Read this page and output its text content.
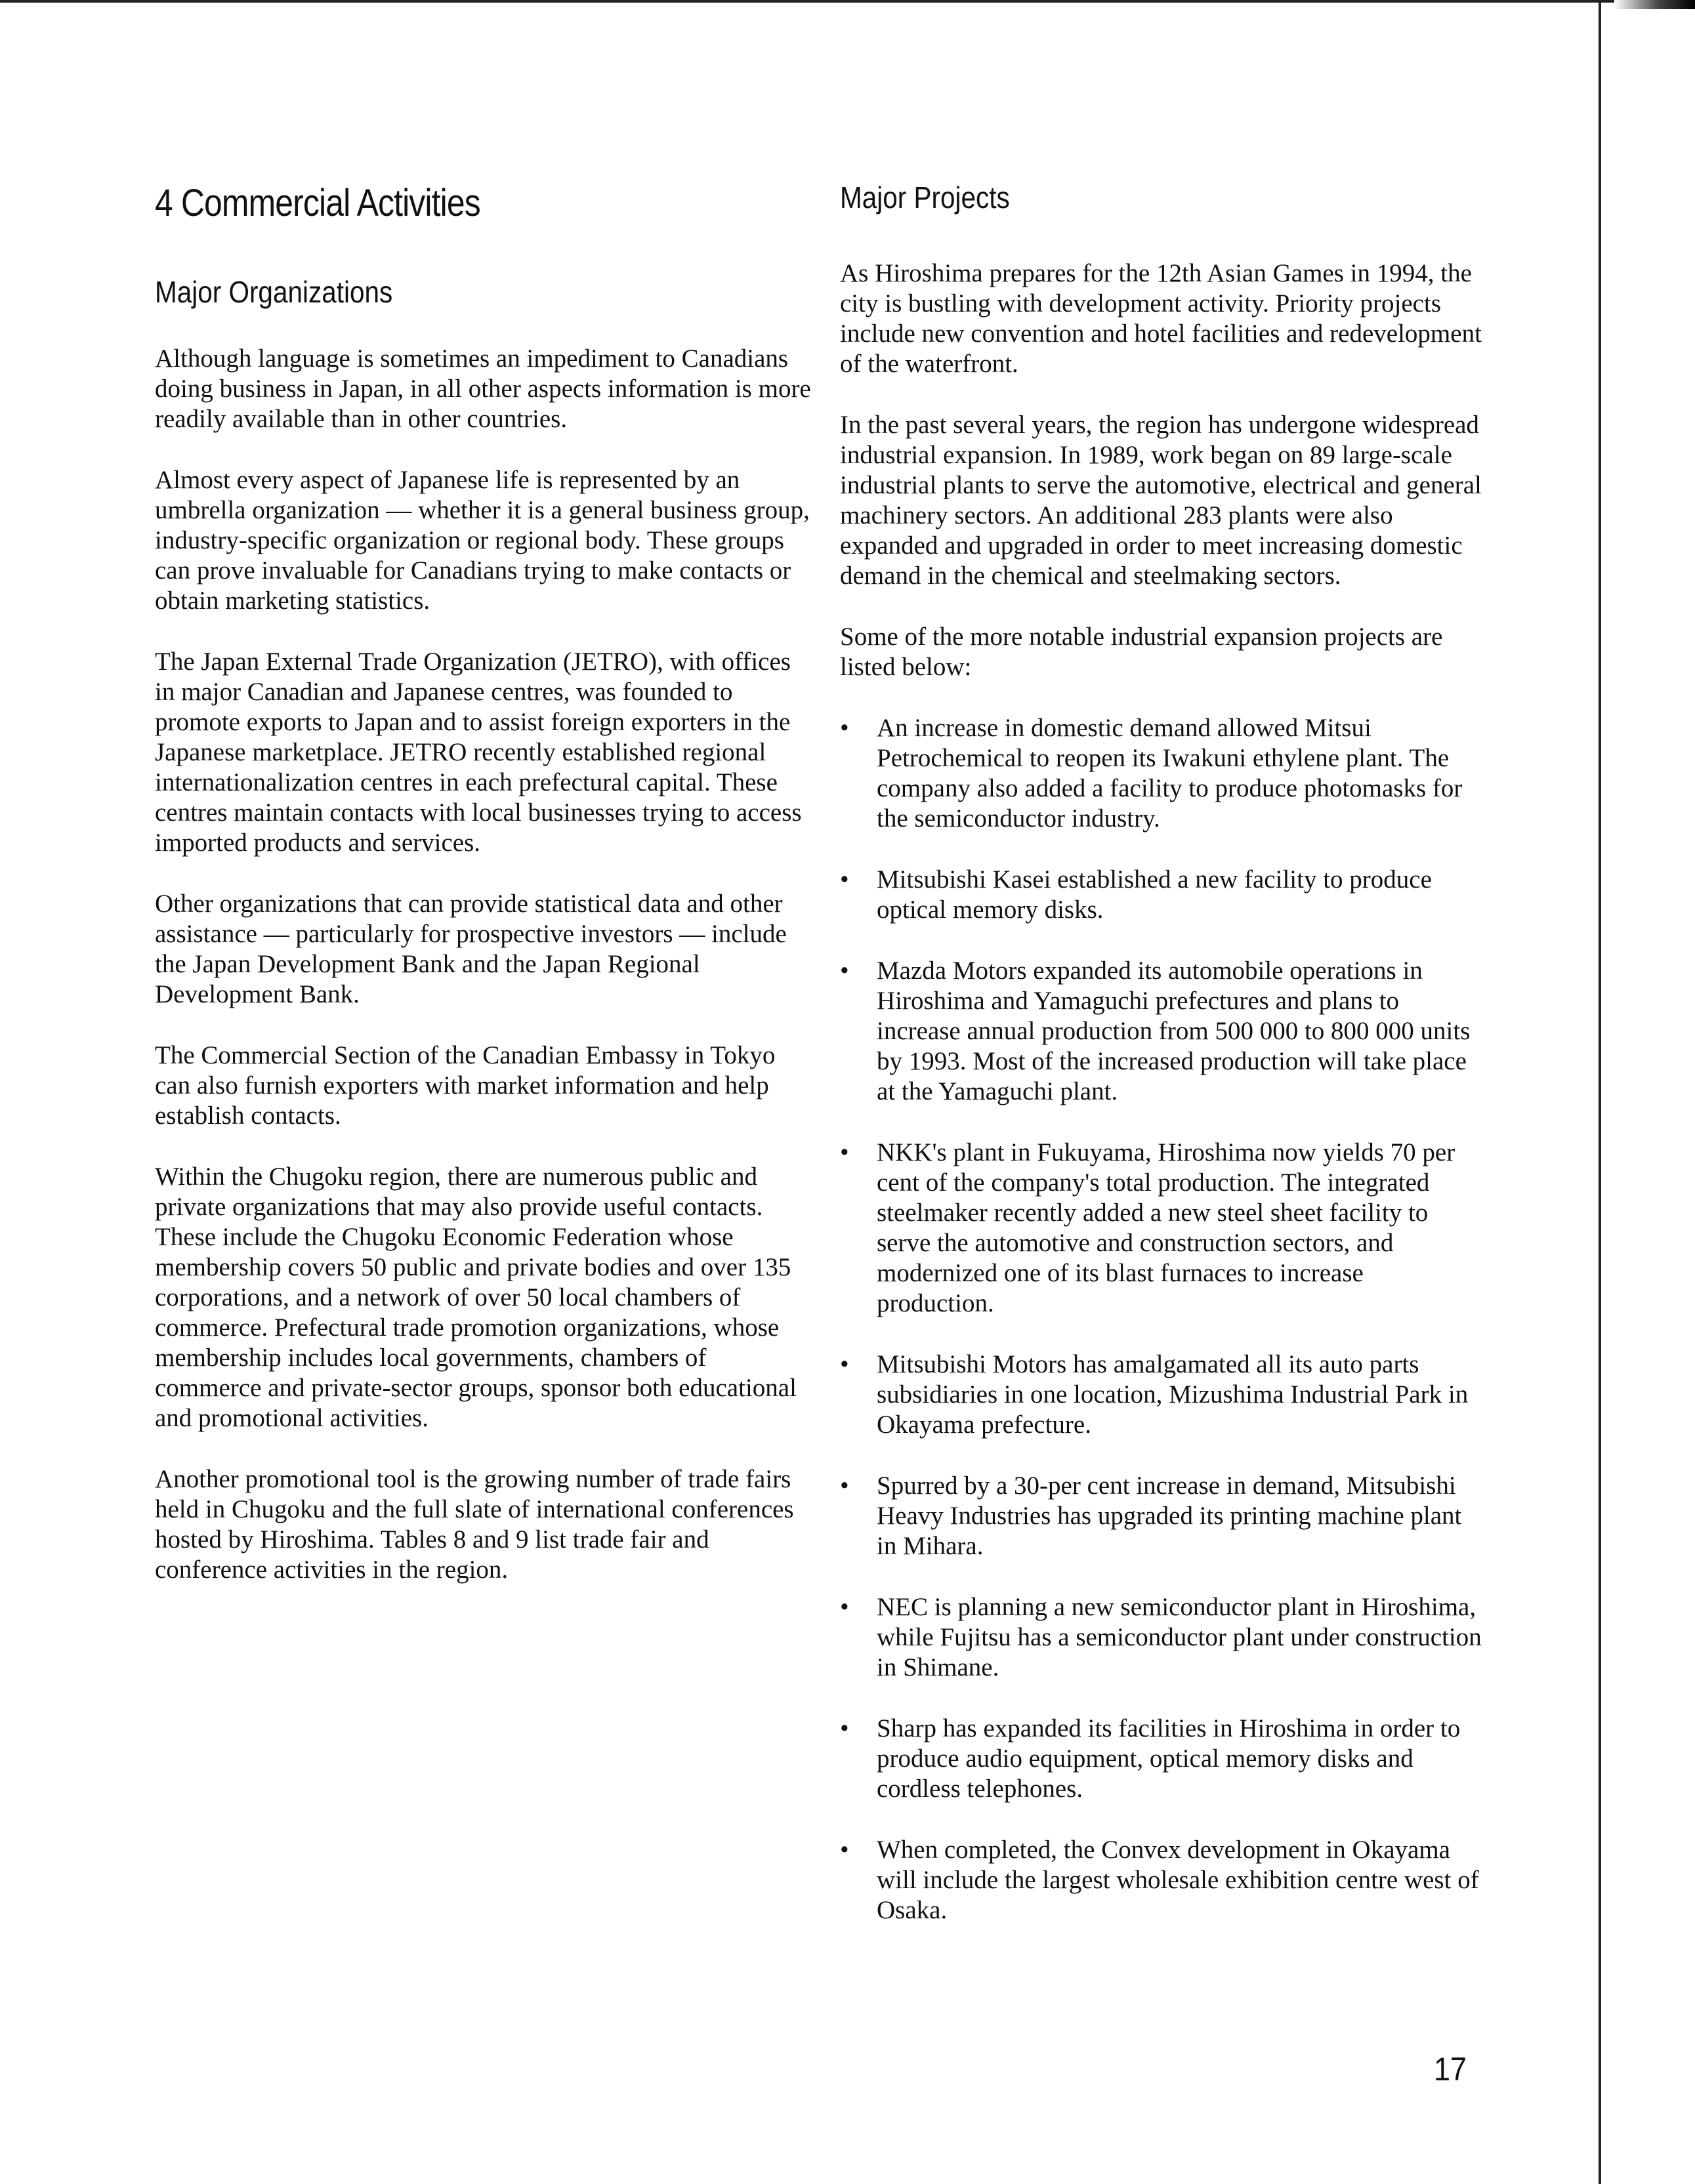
4 Commercial Activities
Major Organizations

Although language is sometimes an impediment to Canadians doing business in Japan, in all other aspects information is more readily available than in other countries.

Almost every aspect of Japanese life is represented by an umbrella organization — whether it is a general business group, industry-specific organization or regional body. These groups can prove invaluable for Canadians trying to make contacts or obtain marketing statistics.

The Japan External Trade Organization (JETRO), with offices in major Canadian and Japanese centres, was founded to promote exports to Japan and to assist foreign exporters in the Japanese marketplace. JETRO recently established regional internationalization centres in each prefectural capital. These centres maintain contacts with local businesses trying to access imported products and services.

Other organizations that can provide statistical data and other assistance — particularly for prospective investors — include the Japan Development Bank and the Japan Regional Development Bank.

The Commercial Section of the Canadian Embassy in Tokyo can also furnish exporters with market information and help establish contacts.

Within the Chugoku region, there are numerous public and private organizations that may also provide useful contacts. These include the Chugoku Economic Federation whose membership covers 50 public and private bodies and over 135 corporations, and a network of over 50 local chambers of commerce. Prefectural trade promotion organizations, whose membership includes local governments, chambers of commerce and private-sector groups, sponsor both educational and promotional activities.

Another promotional tool is the growing number of trade fairs held in Chugoku and the full slate of international conferences hosted by Hiroshima. Tables 8 and 9 list trade fair and conference activities in the region.

Major Projects

As Hiroshima prepares for the 12th Asian Games in 1994, the city is bustling with development activity. Priority projects include new convention and hotel facilities and redevelopment of the waterfront.

In the past several years, the region has undergone widespread industrial expansion. In 1989, work began on 89 large-scale industrial plants to serve the automotive, electrical and general machinery sectors. An additional 283 plants were also expanded and upgraded in order to meet increasing domestic demand in the chemical and steelmaking sectors.

Some of the more notable industrial expansion projects are listed below:

• An increase in domestic demand allowed Mitsui Petrochemical to reopen its Iwakuni ethylene plant. The company also added a facility to produce photomasks for the semiconductor industry.
• Mitsubishi Kasei established a new facility to produce optical memory disks.
• Mazda Motors expanded its automobile operations in Hiroshima and Yamaguchi prefectures and plans to increase annual production from 500 000 to 800 000 units by 1993. Most of the increased production will take place at the Yamaguchi plant.
• NKK's plant in Fukuyama, Hiroshima now yields 70 per cent of the company's total production. The integrated steelmaker recently added a new steel sheet facility to serve the automotive and construction sectors, and modernized one of its blast furnaces to increase production.
• Mitsubishi Motors has amalgamated all its auto parts subsidiaries in one location, Mizushima Industrial Park in Okayama prefecture.
• Spurred by a 30-per cent increase in demand, Mitsubishi Heavy Industries has upgraded its printing machine plant in Mihara.
• NEC is planning a new semiconductor plant in Hiroshima, while Fujitsu has a semiconductor plant under construction in Shimane.
• Sharp has expanded its facilities in Hiroshima in order to produce audio equipment, optical memory disks and cordless telephones.
• When completed, the Convex development in Okayama will include the largest wholesale exhibition centre west of Osaka.
17
